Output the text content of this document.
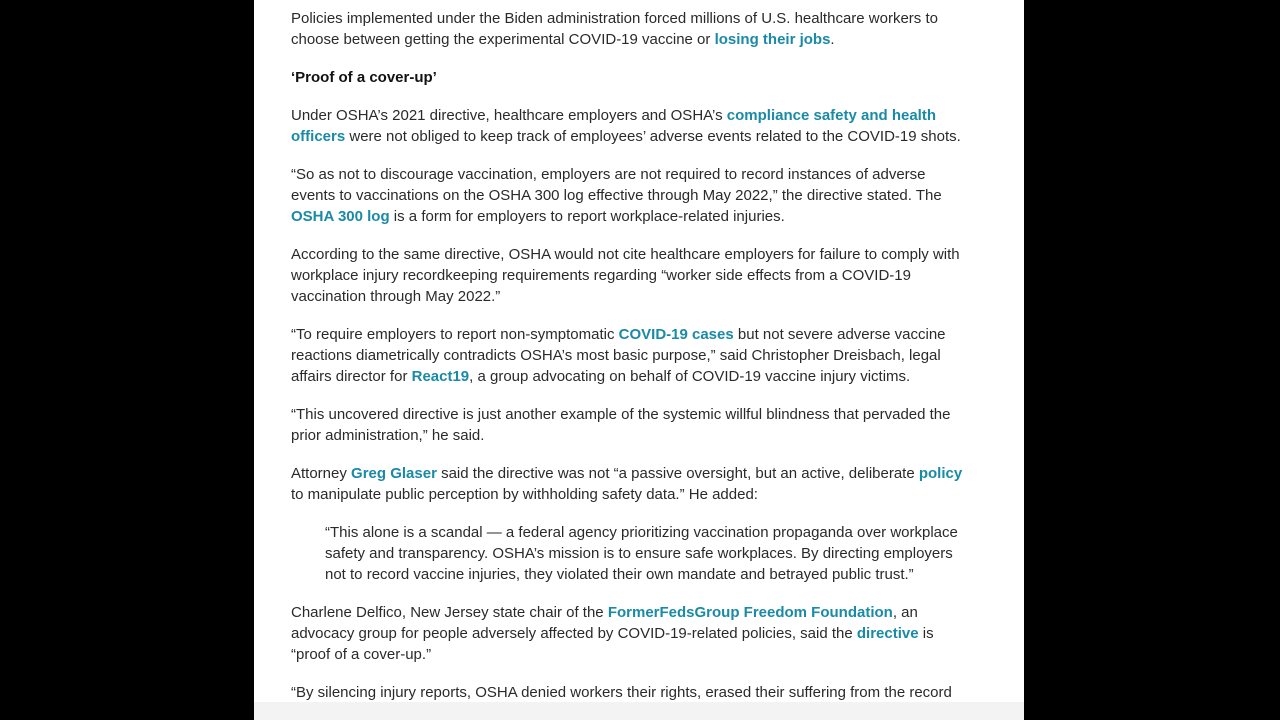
Policies implemented under the Biden administration forced millions of U.S. healthcare workers to choose between getting the experimental COVID-19 vaccine or losing their jobs.

‘Proof of a cover-up’

Under OSHA’s 2021 directive, healthcare employers and OSHA’s compliance safety and health officers were not obliged to keep track of employees’ adverse events related to the COVID-19 shots.

“So as not to discourage vaccination, employers are not required to record instances of adverse events to vaccinations on the OSHA 300 log effective through May 2022,” the directive stated. The OSHA 300 log is a form for employers to report workplace-related injuries.

According to the same directive, OSHA would not cite healthcare employers for failure to comply with workplace injury recordkeeping requirements regarding “worker side effects from a COVID-19 vaccination through May 2022.”

“To require employers to report non-symptomatic COVID-19 cases but not severe adverse vaccine reactions diametrically contradicts OSHA’s most basic purpose,” said Christopher Dreisbach, legal affairs director for React19, a group advocating on behalf of COVID-19 vaccine injury victims.

“This uncovered directive is just another example of the systemic willful blindness that pervaded the prior administration,” he said.

Attorney Greg Glaser said the directive was not “a passive oversight, but an active, deliberate policy to manipulate public perception by withholding safety data.” He added:

“This alone is a scandal — a federal agency prioritizing vaccination propaganda over workplace safety and transparency. OSHA’s mission is to ensure safe workplaces. By directing employers not to record vaccine injuries, they violated their own mandate and betrayed public trust.”

Charlene Delfico, New Jersey state chair of the FormerFedsGroup Freedom Foundation, an advocacy group for people adversely affected by COVID-19-related policies, said the directive is “proof of a cover-up.”

“By silencing injury reports, OSHA denied workers their rights, erased their suffering from the record
